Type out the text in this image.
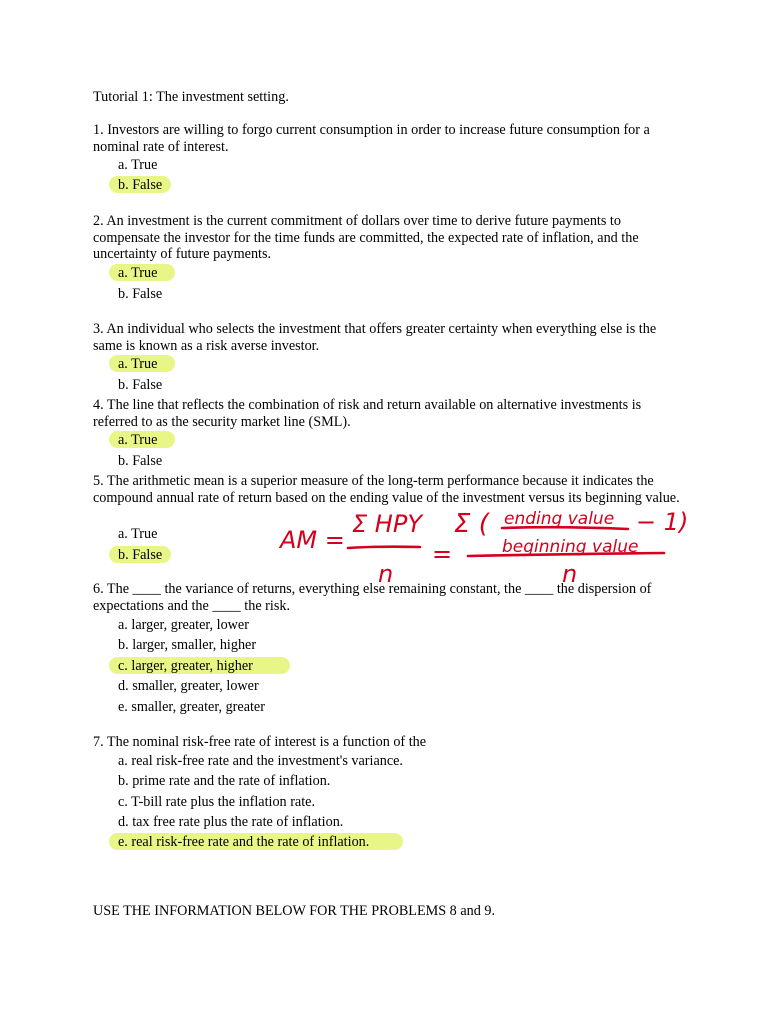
Tutorial 1: The investment setting.
1. Investors are willing to forgo current consumption in order to increase future consumption for a nominal rate of interest.
a. True
b. False
2. An investment is the current commitment of dollars over time to derive future payments to compensate the investor for the time funds are committed, the expected rate of inflation, and the uncertainty of future payments.
a. True
b. False
3. An individual who selects the investment that offers greater certainty when everything else is the same is known as a risk averse investor.
a. True
b. False
4. The line that reflects the combination of risk and return available on alternative investments is referred to as the security market line (SML).
a. True
b. False
5. The arithmetic mean is a superior measure of the long-term performance because it indicates the compound annual rate of return based on the ending value of the investment versus its beginning value.
a. True
b. False
6. The ____ the variance of returns, everything else remaining constant, the ____ the dispersion of expectations and the ____ the risk.
a. larger, greater, lower
b. larger, smaller, higher
c. larger, greater, higher
d. smaller, greater, lower
e. smaller, greater, greater
7. The nominal risk-free rate of interest is a function of the
a. real risk-free rate and the investment's variance.
b. prime rate and the rate of inflation.
c. T-bill rate plus the inflation rate.
d. tax free rate plus the rate of inflation.
e. real risk-free rate and the rate of inflation.
USE THE INFORMATION BELOW FOR THE PROBLEMS 8 and 9.
AM =
Σ HPY
n
=
Σ ( ending value
beginning value
− 1)
n
